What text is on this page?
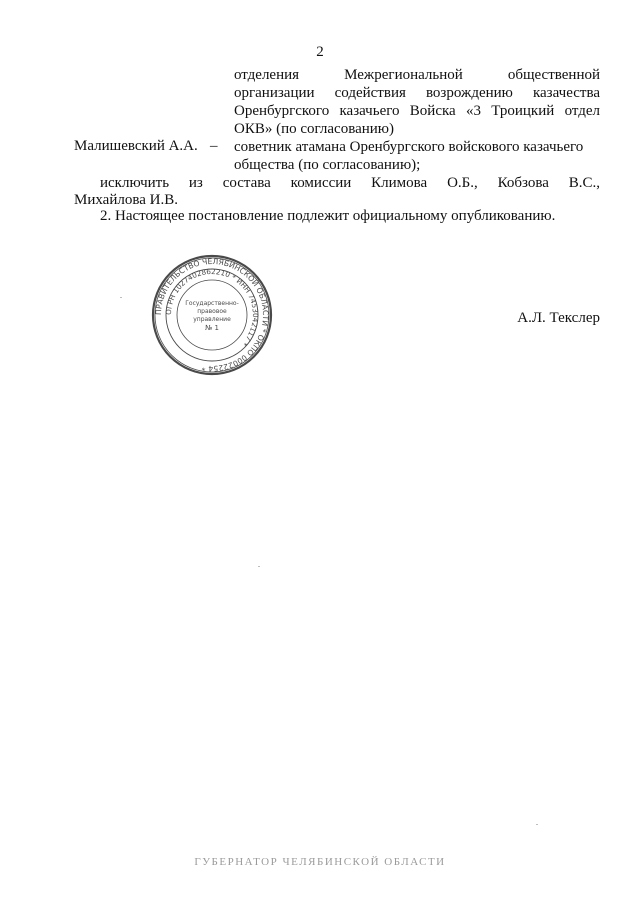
2
отделения Межрегиональной общественной
организации содействия возрождению казачества
Оренбургского казачьего Войска «3 Троицкий отдел
ОКВ» (по согласованию)
Малишевский А.А. – советник атамана Оренбургского войскового казачьего
общества (по согласованию);
исключить из состава комиссии Климова О.Б., Кобзова В.С.,
Михайлова И.В.
2. Настоящее постановление подлежит официальному опубликованию.
ПРАВИТЕЛЬСТВО ЧЕЛЯБИНСКОЙ ОБЛАСТИ * ОКПО 00022254 *
ОГРН 1027402862210 * ИНН 7453042117 *
Государственно-
правовое
управление
№ 1
А.Л. Текслер
ГУБЕРНАТОР ЧЕЛЯБИНСКОЙ ОБЛАСТИ
